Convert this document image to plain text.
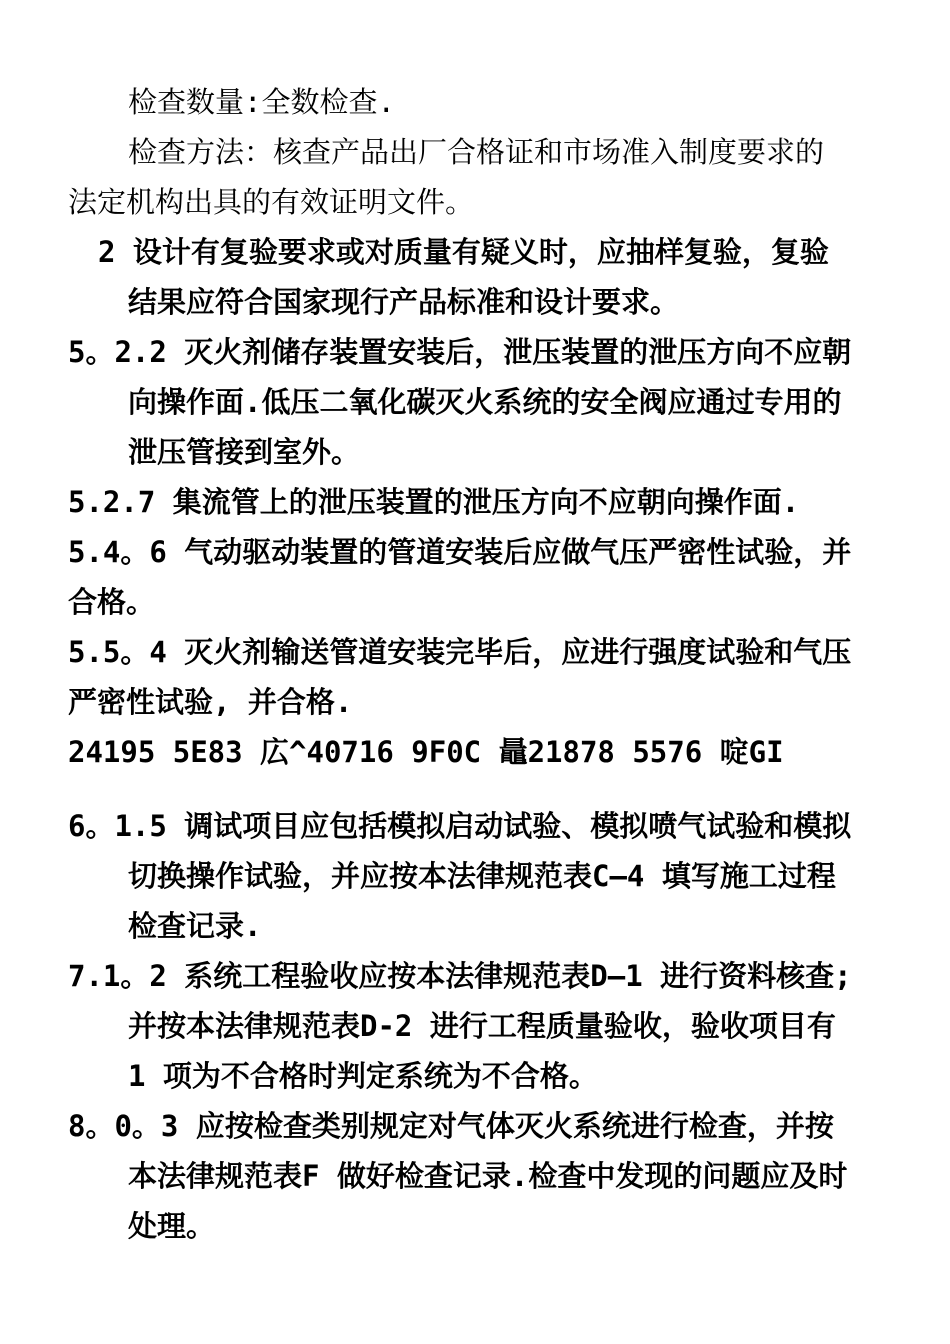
检查数量:全数检查.
检查方法：核查产品出厂合格证和市场准入制度要求的
法定机构出具的有效证明文件。
2 设计有复验要求或对质量有疑义时，应抽样复验，复验
结果应符合国家现行产品标准和设计要求。
5。2.2 灭火剂储存装置安装后，泄压装置的泄压方向不应朝
向操作面.低压二氧化碳灭火系统的安全阀应通过专用的
泄压管接到室外。
5.2.7 集流管上的泄压装置的泄压方向不应朝向操作面.
5.4。6 气动驱动装置的管道安装后应做气压严密性试验，并
合格。
5.5。4 灭火剂输送管道安装完毕后，应进行强度试验和气压
严密性试验, 并合格.
24195 5E83 広^40716 9F0C 鼂21878 5576 啶GI
6。1.5 调试项目应包括模拟启动试验、模拟喷气试验和模拟
切换操作试验，并应按本法律规范表C—4 填写施工过程
检查记录.
7.1。2 系统工程验收应按本法律规范表D—1 进行资料核查;
并按本法律规范表D-2 进行工程质量验收，验收项目有
1 项为不合格时判定系统为不合格。
8。0。3 应按检查类别规定对气体灭火系统进行检查，并按
本法律规范表F 做好检查记录.检查中发现的问题应及时
处理。
